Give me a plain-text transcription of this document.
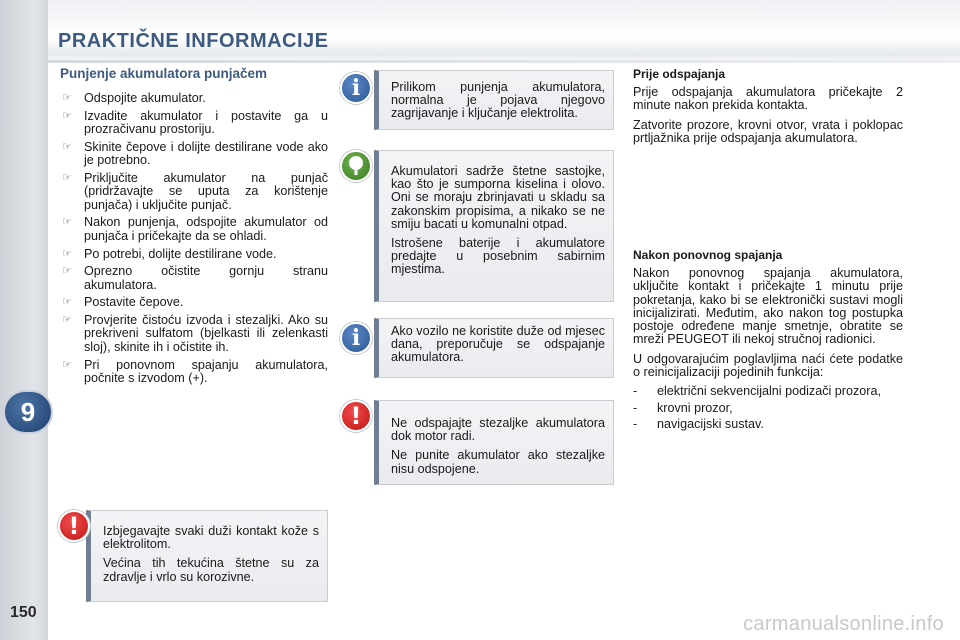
PRAKTIČNE INFORMACIJE
9
150
Punjenje akumulatora punjačem
☞ Odspojite akumulator.
☞ Izvadite akumulator i postavite ga u prozračivanu prostoriju.
☞ Skinite čepove i dolijte destilirane vode ako je potrebno.
☞ Priključite akumulator na punjač (pridržavajte se uputa za korištenje punjača) i uključite punjač.
☞ Nakon punjenja, odspojite akumulator od punjača i pričekajte da se ohladi.
☞ Po potrebi, dolijte destilirane vode.
☞ Oprezno očistite gornju stranu akumulatora.
☞ Postavite čepove.
☞ Provjerite čistoću izvoda i stezaljki. Ako su prekriveni sulfatom (bjelkasti ili zelenkasti sloj), skinite ih i očistite ih.
☞ Pri ponovnom spajanju akumulatora, počnite s izvodom (+).

Izbjegavajte svaki duži kontakt kože s elektrolitom.

Većina tih tekućina štetne su za zdravlje i vrlo su korozivne.

!

Prilikom punjenja akumulatora, normalna je pojava njegovo zagrijavanje i ključanje elektrolita.

i

Akumulatori sadrže štetne sastojke, kao što je sumporna kiselina i olovo. Oni se moraju zbrinjavati u skladu sa zakonskim propisima, a nikako se ne smiju bacati u komunalni otpad.

Istrošene baterije i akumulatore predajte u posebnim sabirnim mjestima.

Ako vozilo ne koristite duže od mjesec dana, preporučuje se odspajanje akumulatora.

i

Ne odspajajte stezaljke akumulatora dok motor radi.

Ne punite akumulator ako stezaljke nisu odspojene.

!
Prije odspajanja

Prije odspajanja akumulatora pričekajte 2 minute nakon prekida kontakta.

Zatvorite prozore, krovni otvor, vrata i poklopac prtljažnika prije odspajanja akumulatora.

Nakon ponovnog spajanja

Nakon ponovnog spajanja akumulatora, uključite kontakt i pričekajte 1 minutu prije pokretanja, kako bi se elektronički sustavi mogli inicijalizirati. Međutim, ako nakon tog postupka postoje određene manje smetnje, obratite se mreži PEUGEOT ili nekoj stručnoj radionici.

U odgovarajućim poglavljima naći ćete podatke o reinicijalizaciji pojedinih funkcija:

- električni sekvencijalni podizači prozora,
- krovni prozor,
- navigacijski sustav.
carmanualsonline.info
